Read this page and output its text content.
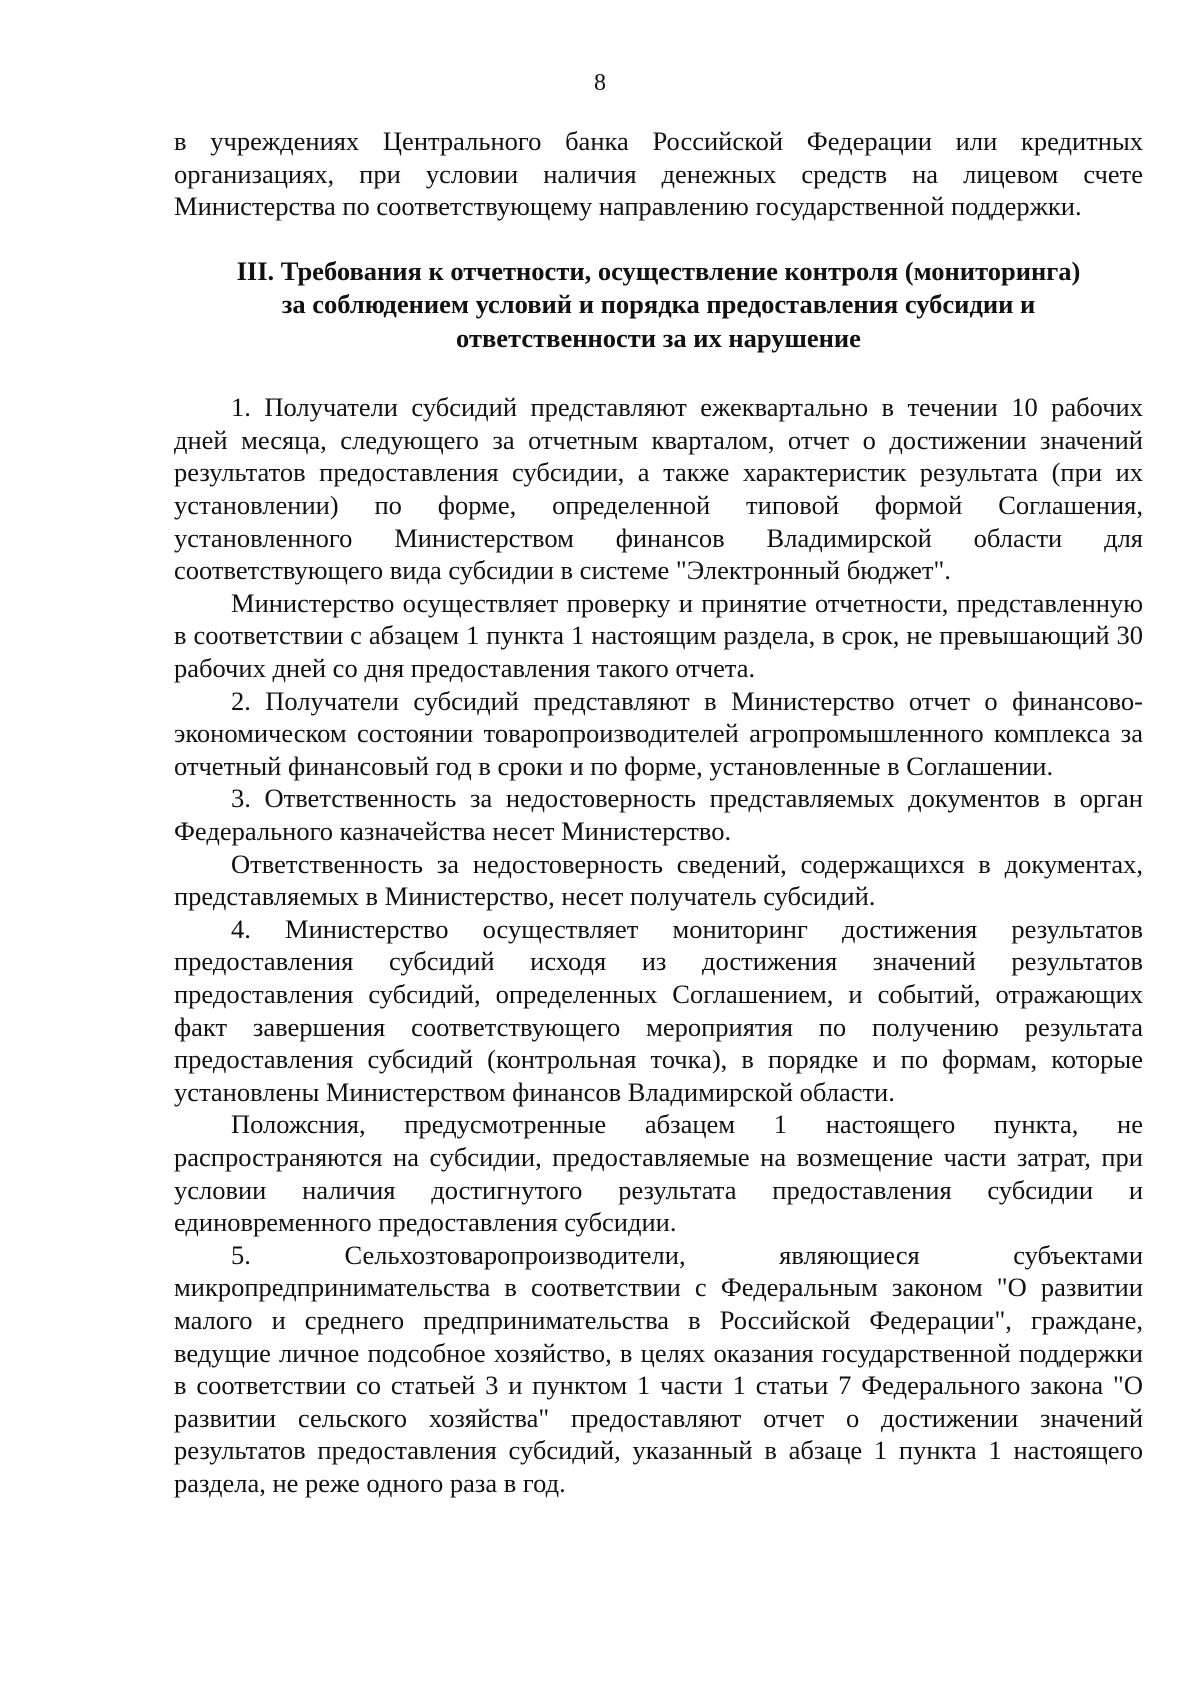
8

в учреждениях Центрального банка Российской Федерации или кредитных организациях, при условии наличия денежных средств на лицевом счете Министерства по соответствующему направлению государственной поддержки.

III. Требования к отчетности, осуществление контроля (мониторинга)
за соблюдением условий и порядка предоставления субсидии и
ответственности за их нарушение

1. Получатели субсидий представляют ежеквартально в течении 10 рабочих дней месяца, следующего за отчетным кварталом, отчет о достижении значений результатов предоставления субсидии, а также характеристик результата (при их установлении) по форме, определенной типовой формой Соглашения, установленного Министерством финансов Владимирской области для соответствующего вида субсидии в системе "Электронный бюджет".

Министерство осуществляет проверку и принятие отчетности, представленную в соответствии с абзацем 1 пункта 1 настоящим раздела, в срок, не превышающий 30 рабочих дней со дня предоставления такого отчета.

2. Получатели субсидий представляют в Министерство отчет о финансово-экономическом состоянии товаропроизводителей агропромышленного комплекса за отчетный финансовый год в сроки и по форме, установленные в Соглашении.

3. Ответственность за недостоверность представляемых документов в орган Федерального казначейства несет Министерство.

Ответственность за недостоверность сведений, содержащихся в документах, представляемых в Министерство, несет получатель субсидий.

4. Министерство осуществляет мониторинг достижения результатов предоставления субсидий исходя из достижения значений результатов предоставления субсидий, определенных Соглашением, и событий, отражающих факт завершения соответствующего мероприятия по получению результата предоставления субсидий (контрольная точка), в порядке и по формам, которые установлены Министерством финансов Владимирской области.

Положсния, предусмотренные абзацем 1 настоящего пункта, не распространяются на субсидии, предоставляемые на возмещение части затрат, при условии наличия достигнутого результата предоставления субсидии и единовременного предоставления субсидии.

5. Сельхозтоваропроизводители, являющиеся субъектами микропредпринимательства в соответствии с Федеральным законом "О развитии малого и среднего предпринимательства в Российской Федерации", граждане, ведущие личное подсобное хозяйство, в целях оказания государственной поддержки в соответствии со статьей 3 и пунктом 1 части 1 статьи 7 Федерального закона "О развитии сельского хозяйства" предоставляют отчет о достижении значений результатов предоставления субсидий, указанный в абзаце 1 пункта 1 настоящего раздела, не реже одного раза в год.
